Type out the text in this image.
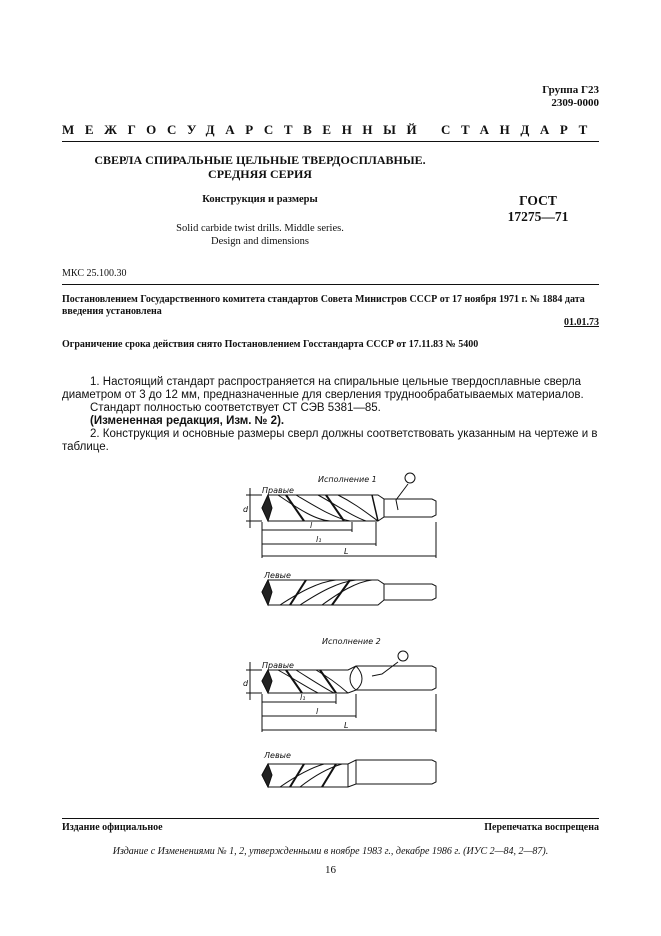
Группа Г23
2309-0000
МЕЖГОСУДАРСТВЕННЫЙ СТАНДАРТ
СВЕРЛА СПИРАЛЬНЫЕ ЦЕЛЬНЫЕ ТВЕРДОСПЛАВНЫЕ.
СРЕДНЯЯ СЕРИЯ
Конструкция и размеры
Solid carbide twist drills. Middle series.
Design and dimensions
ГОСТ
17275—71
МКС 25.100.30
Постановлением Государственного комитета стандартов Совета Министров СССР от 17 ноября 1971 г. № 1884 дата введения установлена
01.01.73
Ограничение срока действия снято Постановлением Госстандарта СССР от 17.11.83 № 5400

1. Настоящий стандарт распространяется на спиральные цельные твердосплавные сверла диаметром от 3 до 12 мм, предназначенные для сверления труднообрабатываемых материалов.

Стандарт полностью соответствует СТ СЭВ 5381—85.

(Измененная редакция, Изм. № 2).

2. Конструкция и основные размеры сверл должны соответствовать указанным на чертеже и в таблице.

Исполнение 1
Правые
d
l
l₁
L
Левые
Исполнение 2
Правые
d
l₁
l
L
Левые
Издание официальное	Перепечатка воспрещена
Издание с Изменениями № 1, 2, утвержденными в ноябре 1983 г., декабре 1986 г. (ИУС 2—84, 2—87).
16
